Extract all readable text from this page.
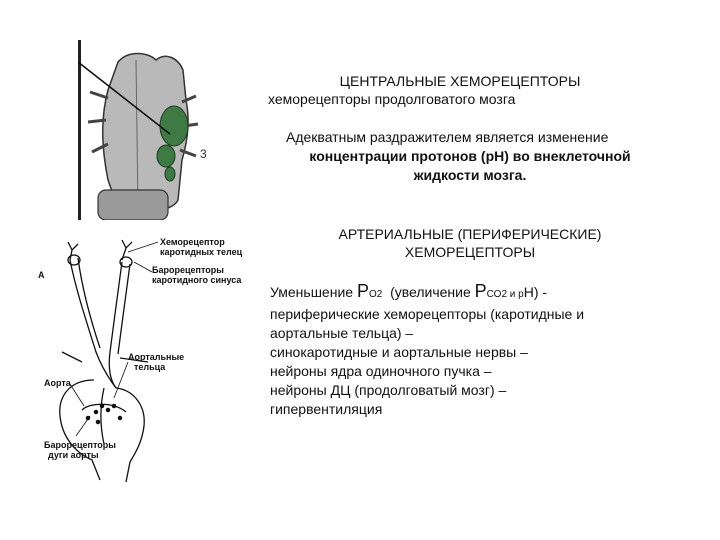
3
ЦЕНТРАЛЬНЫЕ ХЕМОРЕЦЕПТОРЫ
хеморецепторы продолговатого мозга
Адекватным раздражителем является изменение
концентрации протонов (рН) во внеклеточной
жидкости мозга.
АРТЕРИАЛЬНЫЕ (ПЕРИФЕРИЧЕСКИЕ)
ХЕМОРЕЦЕПТОРЫ
Уменьшение РО2  (увеличение РСО2 и рН) -
периферические хеморецепторы (каротидные и
аортальные тельца) –
синокаротидные и аортальные нервы –
нейроны ядра одиночного пучка –
нейроны ДЦ (продолговатый мозг) –
гипервентиляция
А
Хеморецептор
каротидных телец
Барорецепторы
каротидного синуса
Аортальные
тельца
Аорта
Барорецепторы
дуги аорты
